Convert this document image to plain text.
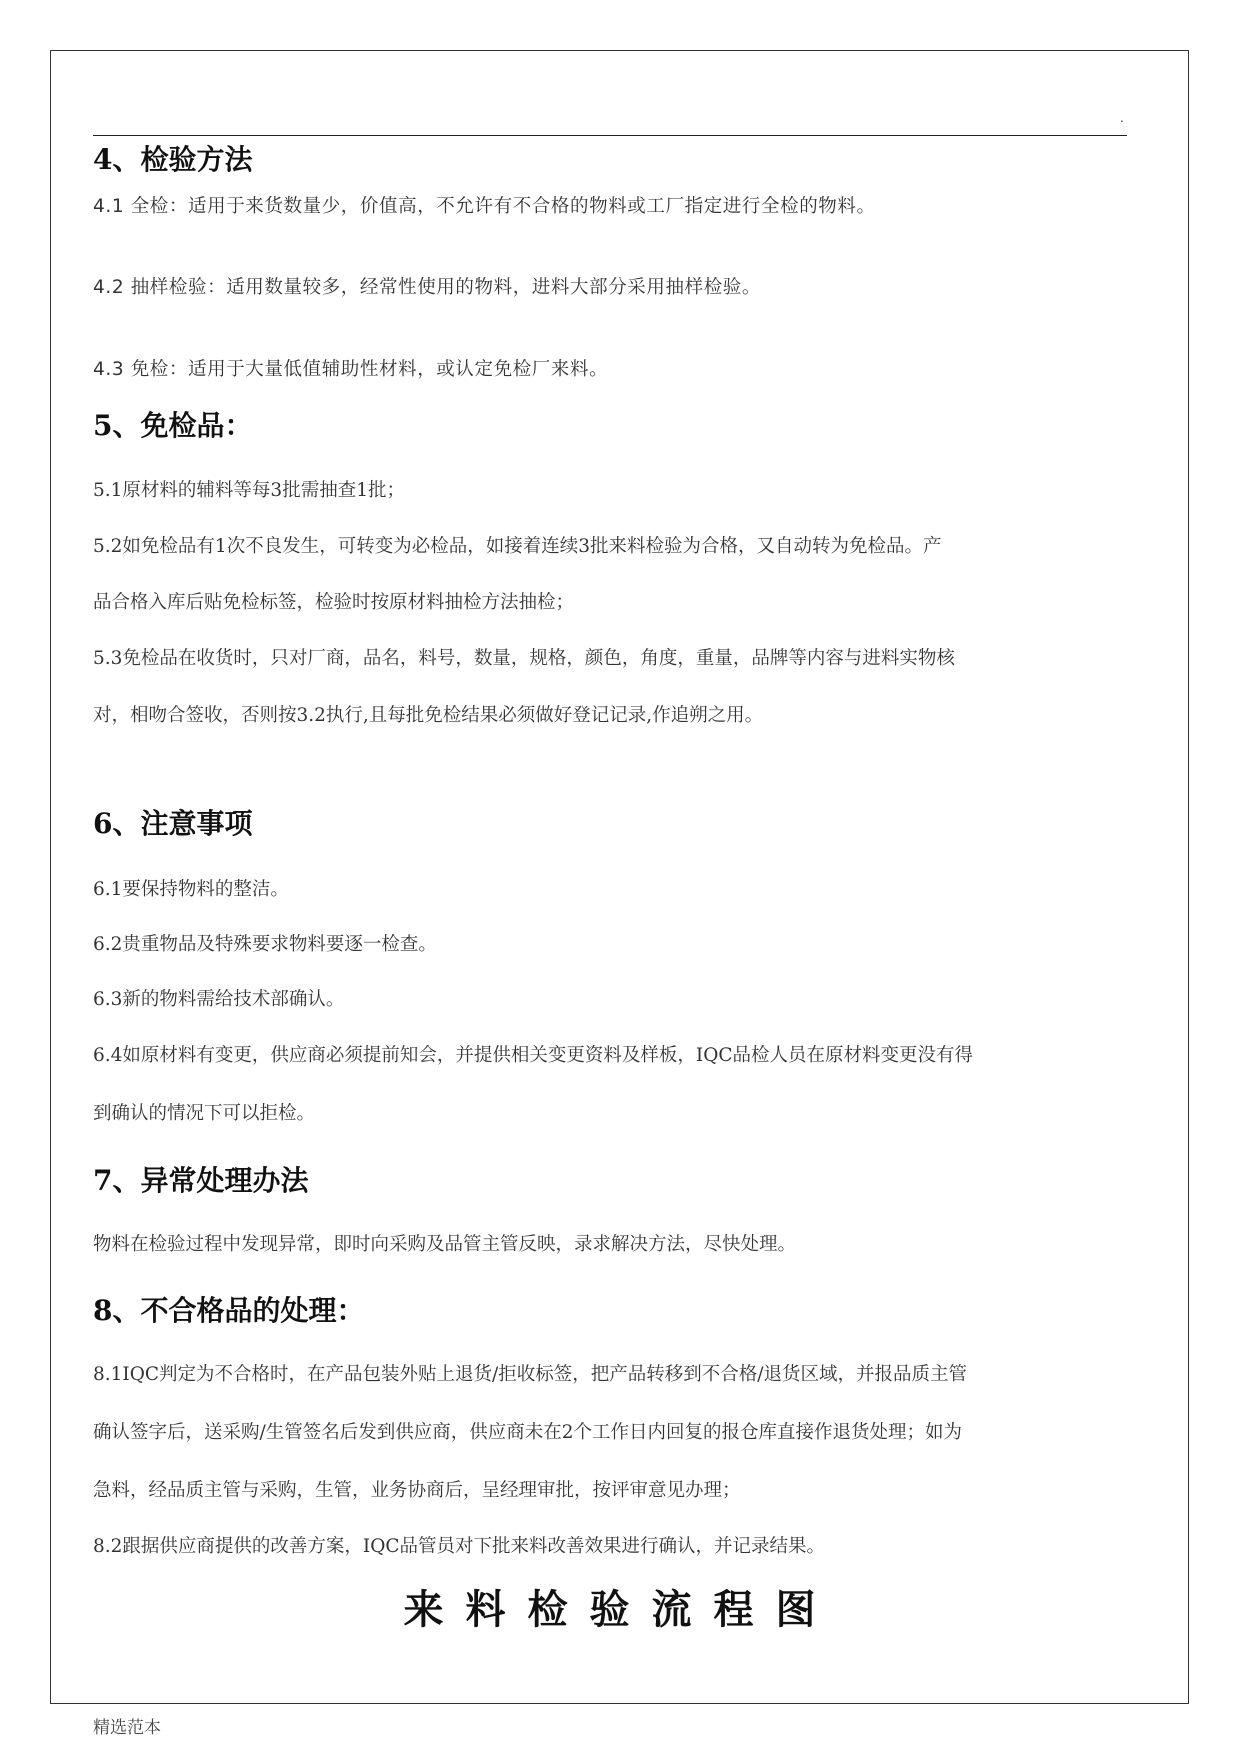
.
4、检验方法
4.1 全检：适用于来货数量少，价值高，不允许有不合格的物料或工厂指定进行全检的物料。
4.2 抽样检验：适用数量较多，经常性使用的物料，进料大部分采用抽样检验。
4.3 免检：适用于大量低值辅助性材料，或认定免检厂来料。
5、免检品：
5.1原材料的辅料等每3批需抽查1批；
5.2如免检品有1次不良发生，可转变为必检品，如接着连续3批来料检验为合格，又自动转为免检品。产
品合格入库后贴免检标签，检验时按原材料抽检方法抽检；
5.3免检品在收货时，只对厂商，品名，料号，数量，规格，颜色，角度，重量，品牌等内容与进料实物核
对，相吻合签收，否则按3.2执行,且每批免检结果必须做好登记记录,作追朔之用。
6、注意事项
6.1要保持物料的整洁。
6.2贵重物品及特殊要求物料要逐一检查。
6.3新的物料需给技术部确认。
6.4如原材料有变更，供应商必须提前知会，并提供相关变更资料及样板，IQC品检人员在原材料变更没有得
到确认的情况下可以拒检。
7、异常处理办法
物料在检验过程中发现异常，即时向采购及品管主管反映，录求解决方法，尽快处理。
8、不合格品的处理：
8.1IQC判定为不合格时，在产品包装外贴上退货/拒收标签，把产品转移到不合格/退货区域，并报品质主管
确认签字后，送采购/生管签名后发到供应商，供应商未在2个工作日内回复的报仓库直接作退货处理；如为
急料，经品质主管与采购，生管，业务协商后，呈经理审批，按评审意见办理；
8.2跟据供应商提供的改善方案，IQC品管员对下批来料改善效果进行确认，并记录结果。
来料检验流程图
精选范本
